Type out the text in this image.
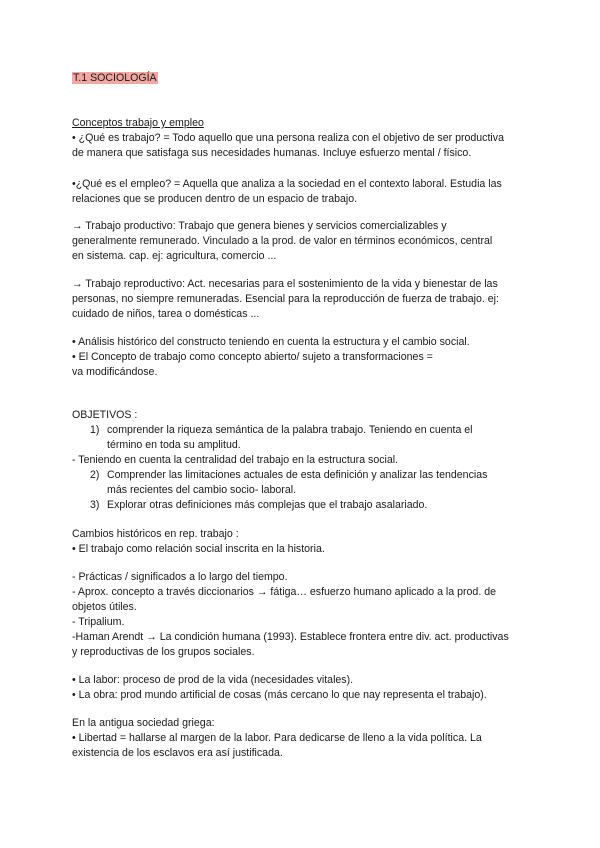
T.1 SOCIOLOGÍA
Conceptos trabajo y empleo
• ¿Qué es trabajo? = Todo aquello que una persona realiza con el objetivo de ser productiva
de manera que satisfaga sus necesidades humanas. Incluye esfuerzo mental / físico.
•¿Qué es el empleo? = Aquella que analiza a la sociedad en el contexto laboral. Estudia las
relaciones que se producen dentro de un espacio de trabajo.
→ Trabajo productivo: Trabajo que genera bienes y servicios comercializables y
generalmente remunerado. Vinculado a la prod. de valor en términos económicos, central
en sistema. cap. ej: agricultura, comercio ...
→ Trabajo reproductivo: Act. necesarias para el sostenimiento de la vida y bienestar de las
personas, no siempre remuneradas. Esencial para la reproducción de fuerza de trabajo. ej:
cuidado de niños, tarea o domésticas ...
• Análisis histórico del constructo teniendo en cuenta la estructura y el cambio social.
• El Concepto de trabajo como concepto abierto/ sujeto a transformaciones =
va modificándose.
OBJETIVOS :
1) comprender la riqueza semántica de la palabra trabajo. Teniendo en cuenta el
término en toda su amplitud.
- Teniendo en cuenta la centralidad del trabajo en la estructura social.
2) Comprender las limitaciones actuales de esta definición y analizar las tendencias
más recientes del cambio socio- laboral.
3) Explorar otras definiciones más complejas que el trabajo asalariado.
Cambios históricos en rep. trabajo :
• El trabajo como relación social inscrita en la historia.
- Prácticas / significados a lo largo del tiempo.
- Aprox. concepto a través diccionarios → fátiga… esfuerzo humano aplicado a la prod. de
objetos útiles.
- Tripalium.
-Haman Arendt → La condición humana (1993). Establece frontera entre div. act. productivas
y reproductivas de los grupos sociales.
• La labor: proceso de prod de la vida (necesidades vitales).
• La obra: prod mundo artificial de cosas (más cercano lo que nay representa el trabajo).
En la antigua sociedad griega:
• Libertad = hallarse al margen de la labor. Para dedicarse de lleno a la vida política. La
existencia de los esclavos era así justificada.
